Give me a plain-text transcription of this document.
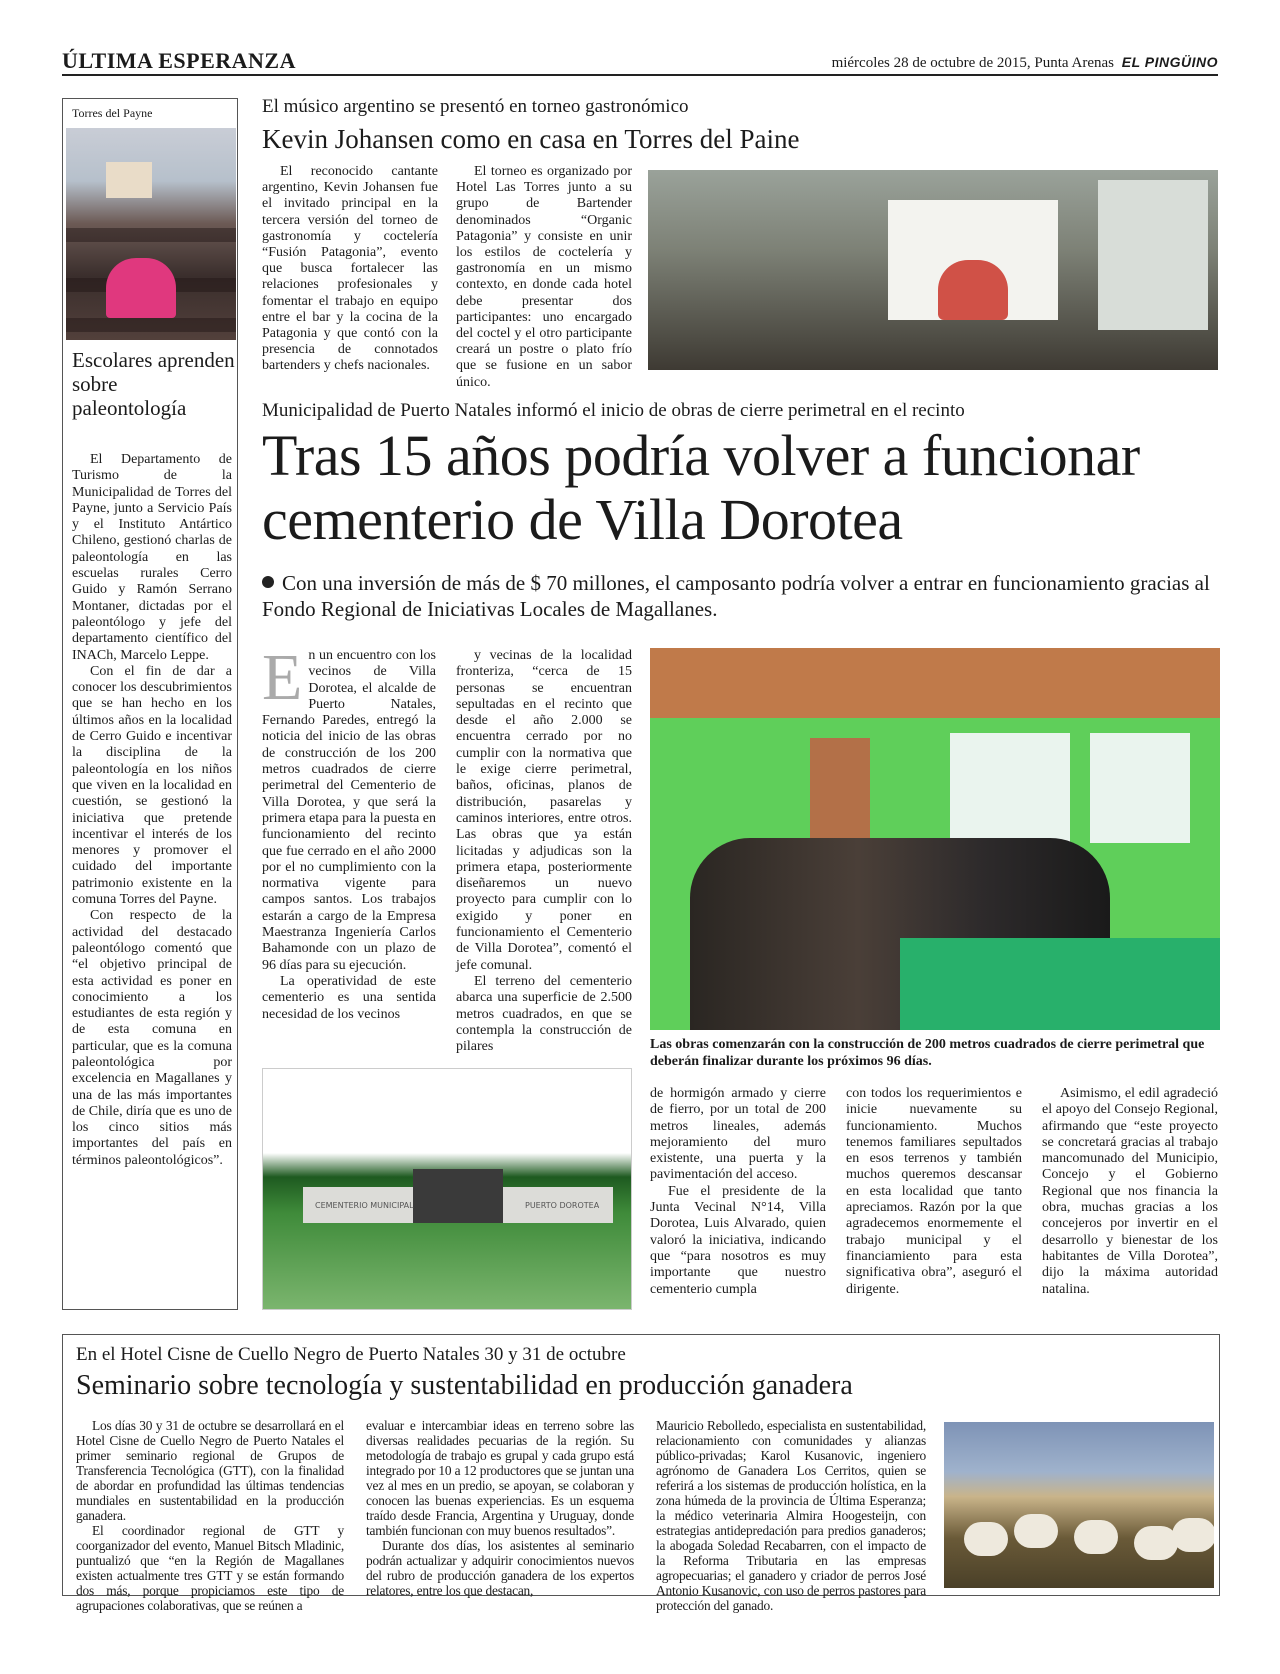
ÚLTIMA ESPERANZA	miércoles 28 de octubre de 2015, Punta Arenas EL PINGÜINO
Torres del Payne
Escolares aprenden sobre paleontología

El Departamento de Turismo de la Municipalidad de Torres del Payne, junto a Servicio País y el Instituto Antártico Chileno, gestionó charlas de paleontología en las escuelas rurales Cerro Guido y Ramón Serrano Montaner, dictadas por el paleontólogo y jefe del departamento científico del INACh, Marcelo Leppe.

Con el fin de dar a conocer los descubrimientos que se han hecho en los últimos años en la localidad de Cerro Guido e incentivar la disciplina de la paleontología en los niños que viven en la localidad en cuestión, se gestionó la iniciativa que pretende incentivar el interés de los menores y promover el cuidado del importante patrimonio existente en la comuna Torres del Payne.

Con respecto de la actividad del destacado paleontólogo comentó que “el objetivo principal de esta actividad es poner en conocimiento a los estudiantes de esta región y de esta comuna en particular, que es la comuna paleontológica por excelencia en Magallanes y una de las más importantes de Chile, diría que es uno de los cinco sitios más importantes del país en términos paleontológicos”.

El músico argentino se presentó en torneo gastronómico
Kevin Johansen como en casa en Torres del Paine

El reconocido cantante argentino, Kevin Johansen fue el invitado principal en la tercera versión del torneo de gastronomía y coctelería “Fusión Patagonia”, evento que busca fortalecer las relaciones profesionales y fomentar el trabajo en equipo entre el bar y la cocina de la Patagonia y que contó con la presencia de connotados bartenders y chefs nacionales.

El torneo es organizado por Hotel Las Torres junto a su grupo de Bartender denominados “Organic Patagonia” y consiste en unir los estilos de coctelería y gastronomía en un mismo contexto, en donde cada hotel debe presentar dos participantes: uno encargado del coctel y el otro participante creará un postre o plato frío que se fusione en un sabor único.

Municipalidad de Puerto Natales informó el inicio de obras de cierre perimetral en el recinto
Tras 15 años podría volver a funcionar cementerio de Villa Dorotea
Con una inversión de más de $ 70 millones, el camposanto podría volver a entrar en funcionamiento gracias al Fondo Regional de Iniciativas Locales de Magallanes.

En un encuentro con los vecinos de Villa Dorotea, el alcalde de Puerto Natales, Fernando Paredes, entregó la noticia del inicio de las obras de construcción de los 200 metros cuadrados de cierre perimetral del Cementerio de Villa Dorotea, y que será la primera etapa para la puesta en funcionamiento del recinto que fue cerrado en el año 2000 por el no cumplimiento con la normativa vigente para campos santos. Los trabajos estarán a cargo de la Empresa Maestranza Ingeniería Carlos Bahamonde con un plazo de 96 días para su ejecución.

La operatividad de este cementerio es una sentida necesidad de los vecinos

y vecinas de la localidad fronteriza, “cerca de 15 personas se encuentran sepultadas en el recinto que desde el año 2.000 se encuentra cerrado por no cumplir con la normativa que le exige cierre perimetral, baños, oficinas, planos de distribución, pasarelas y caminos interiores, entre otros. Las obras que ya están licitadas y adjudicas son la primera etapa, posteriormente diseñaremos un nuevo proyecto para cumplir con lo exigido y poner en funcionamiento el Cementerio de Villa Dorotea”, comentó el jefe comunal.

El terreno del cementerio abarca una superficie de 2.500 metros cuadrados, en que se contempla la construcción de pilares	Las obras comenzarán con la construcción de 200 metros cuadrados de cierre perimetral que deberán finalizar durante los próximos 96 días.
CEMENTERIO MUNICIPAL	PUERTO DOROTEA

de hormigón armado y cierre de fierro, por un total de 200 metros lineales, además mejoramiento del muro existente, una puerta y la pavimentación del acceso.

Fue el presidente de la Junta Vecinal N°14, Villa Dorotea, Luis Alvarado, quien valoró la iniciativa, indicando que “para nosotros es muy importante que nuestro cementerio cumpla

con todos los requerimientos e inicie nuevamente su funcionamiento. Muchos tenemos familiares sepultados en esos terrenos y también muchos queremos descansar en esta localidad que tanto apreciamos. Razón por la que agradecemos enormemente el trabajo municipal y el financiamiento para esta significativa obra”, aseguró el dirigente.

Asimismo, el edil agradeció el apoyo del Consejo Regional, afirmando que “este proyecto se concretará gracias al trabajo mancomunado del Municipio, Concejo y el Gobierno Regional que nos financia la obra, muchas gracias a los concejeros por invertir en el desarrollo y bienestar de los habitantes de Villa Dorotea”, dijo la máxima autoridad natalina.

En el Hotel Cisne de Cuello Negro de Puerto Natales 30 y 31 de octubre
Seminario sobre tecnología y sustentabilidad en producción ganadera

Los días 30 y 31 de octubre se desarrollará en el Hotel Cisne de Cuello Negro de Puerto Natales el primer seminario regional de Grupos de Transferencia Tecnológica (GTT), con la finalidad de abordar en profundidad las últimas tendencias mundiales en sustentabilidad en la producción ganadera.

El coordinador regional de GTT y coorganizador del evento, Manuel Bitsch Mladinic, puntualizó que “en la Región de Magallanes existen actualmente tres GTT y se están formando dos más, porque propiciamos este tipo de agrupaciones colaborativas, que se reúnen a

evaluar e intercambiar ideas en terreno sobre las diversas realidades pecuarias de la región. Su metodología de trabajo es grupal y cada grupo está integrado por 10 a 12 productores que se juntan una vez al mes en un predio, se apoyan, se colaboran y conocen las buenas experiencias. Es un esquema traído desde Francia, Argentina y Uruguay, donde también funcionan con muy buenos resultados”.

Durante dos días, los asistentes al seminario podrán actualizar y adquirir conocimientos nuevos del rubro de producción ganadera de los expertos relatores, entre los que destacan,

Mauricio Rebolledo, especialista en sustentabilidad, relacionamiento con comunidades y alianzas público-privadas; Karol Kusanovic, ingeniero agrónomo de Ganadera Los Cerritos, quien se referirá a los sistemas de producción holística, en la zona húmeda de la provincia de Última Esperanza; la médico veterinaria Almira Hoogesteijn, con estrategias antidepredación para predios ganaderos; la abogada Soledad Recabarren, con el impacto de la Reforma Tributaria en las empresas agropecuarias; el ganadero y criador de perros José Antonio Kusanovic, con uso de perros pastores para protección del ganado.
